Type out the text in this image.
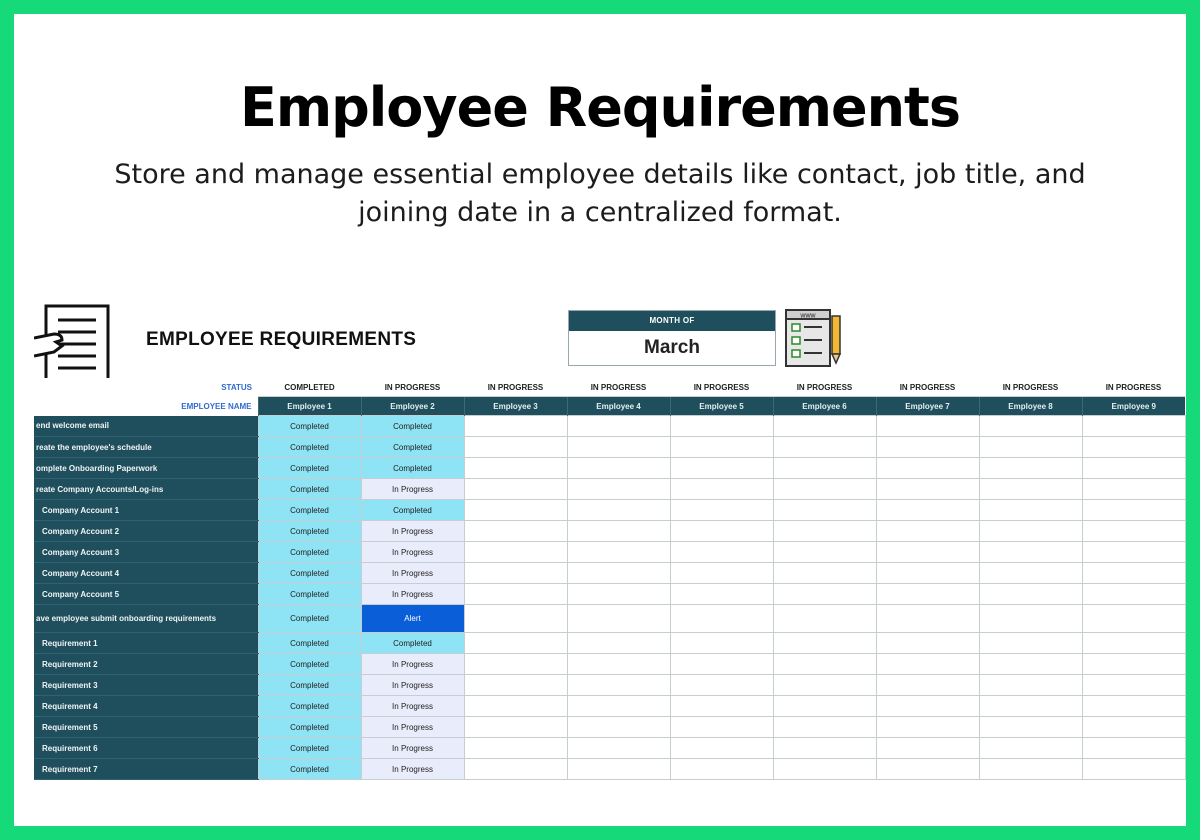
Employee Requirements
Store and manage essential employee details like contact, job title, and joining date in a centralized format.
EMPLOYEE REQUIREMENTS
MONTH OF
March
www
STATUS	COMPLETED	IN PROGRESS	IN PROGRESS	IN PROGRESS	IN PROGRESS	IN PROGRESS	IN PROGRESS	IN PROGRESS	IN PROGRESS
EMPLOYEE NAME	Employee 1	Employee 2	Employee 3	Employee 4	Employee 5	Employee 6	Employee 7	Employee 8	Employee 9
end welcome email	Completed	Completed							
reate the employee's schedule	Completed	Completed							
omplete Onboarding Paperwork	Completed	Completed							
reate Company Accounts/Log-ins	Completed	In Progress							
Company Account 1	Completed	Completed							
Company Account 2	Completed	In Progress							
Company Account 3	Completed	In Progress							
Company Account 4	Completed	In Progress							
Company Account 5	Completed	In Progress							
ave employee submit onboarding requirements	Completed	Alert							
Requirement 1	Completed	Completed							
Requirement 2	Completed	In Progress							
Requirement 3	Completed	In Progress							
Requirement 4	Completed	In Progress							
Requirement 5	Completed	In Progress							
Requirement 6	Completed	In Progress							
Requirement 7	Completed	In Progress							
